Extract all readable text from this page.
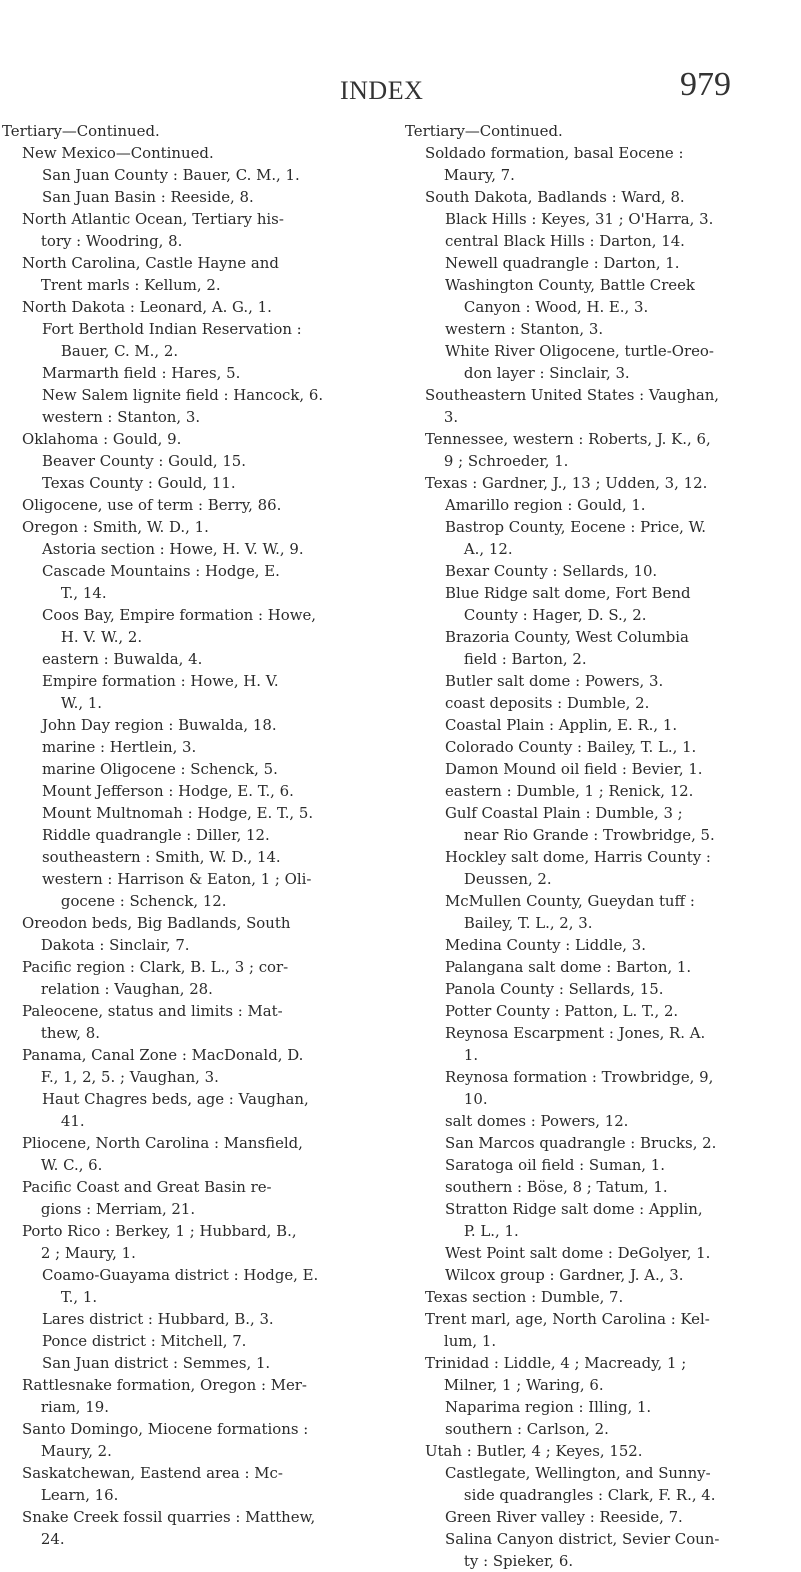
INDEX	979
Tertiary—Continued.
New Mexico—Continued.
San Juan County : Bauer, C. M., 1.
San Juan Basin : Reeside, 8.
North Atlantic Ocean, Tertiary his-
tory : Woodring, 8.
North Carolina, Castle Hayne and
Trent marls : Kellum, 2.
North Dakota : Leonard, A. G., 1.
Fort Berthold Indian Reservation :
Bauer, C. M., 2.
Marmarth field : Hares, 5.
New Salem lignite field : Hancock, 6.
western : Stanton, 3.
Oklahoma : Gould, 9.
Beaver County : Gould, 15.
Texas County : Gould, 11.
Oligocene, use of term : Berry, 86.
Oregon : Smith, W. D., 1.
Astoria section : Howe, H. V. W., 9.
Cascade Mountains : Hodge, E.
T., 14.
Coos Bay, Empire formation : Howe,
H. V. W., 2.
eastern : Buwalda, 4.
Empire formation : Howe, H. V.
W., 1.
John Day region : Buwalda, 18.
marine : Hertlein, 3.
marine Oligocene : Schenck, 5.
Mount Jefferson : Hodge, E. T., 6.
Mount Multnomah : Hodge, E. T., 5.
Riddle quadrangle : Diller, 12.
southeastern : Smith, W. D., 14.
western : Harrison & Eaton, 1 ; Oli-
gocene : Schenck, 12.
Oreodon beds, Big Badlands, South
Dakota : Sinclair, 7.
Pacific region : Clark, B. L., 3 ; cor-
relation : Vaughan, 28.
Paleocene, status and limits : Mat-
thew, 8.
Panama, Canal Zone : MacDonald, D.
F., 1, 2, 5. ; Vaughan, 3.
Haut Chagres beds, age : Vaughan,
41.
Pliocene, North Carolina : Mansfield,
W. C., 6.
Pacific Coast and Great Basin re-
gions : Merriam, 21.
Porto Rico : Berkey, 1 ; Hubbard, B.,
2 ; Maury, 1.
Coamo-Guayama district : Hodge, E.
T., 1.
Lares district : Hubbard, B., 3.
Ponce district : Mitchell, 7.
San Juan district : Semmes, 1.
Rattlesnake formation, Oregon : Mer-
riam, 19.
Santo Domingo, Miocene formations :
Maury, 2.
Saskatchewan, Eastend area : Mc-
Learn, 16.
Snake Creek fossil quarries : Matthew,
24.
Tertiary—Continued.
Soldado formation, basal Eocene :
Maury, 7.
South Dakota, Badlands : Ward, 8.
Black Hills : Keyes, 31 ; O'Harra, 3.
central Black Hills : Darton, 14.
Newell quadrangle : Darton, 1.
Washington County, Battle Creek
Canyon : Wood, H. E., 3.
western : Stanton, 3.
White River Oligocene, turtle-Oreo-
don layer : Sinclair, 3.
Southeastern United States : Vaughan,
3.
Tennessee, western : Roberts, J. K., 6,
9 ; Schroeder, 1.
Texas : Gardner, J., 13 ; Udden, 3, 12.
Amarillo region : Gould, 1.
Bastrop County, Eocene : Price, W.
A., 12.
Bexar County : Sellards, 10.
Blue Ridge salt dome, Fort Bend
County : Hager, D. S., 2.
Brazoria County, West Columbia
field : Barton, 2.
Butler salt dome : Powers, 3.
coast deposits : Dumble, 2.
Coastal Plain : Applin, E. R., 1.
Colorado County : Bailey, T. L., 1.
Damon Mound oil field : Bevier, 1.
eastern : Dumble, 1 ; Renick, 12.
Gulf Coastal Plain : Dumble, 3 ;
near Rio Grande : Trowbridge, 5.
Hockley salt dome, Harris County :
Deussen, 2.
McMullen County, Gueydan tuff :
Bailey, T. L., 2, 3.
Medina County : Liddle, 3.
Palangana salt dome : Barton, 1.
Panola County : Sellards, 15.
Potter County : Patton, L. T., 2.
Reynosa Escarpment : Jones, R. A.
1.
Reynosa formation : Trowbridge, 9,
10.
salt domes : Powers, 12.
San Marcos quadrangle : Brucks, 2.
Saratoga oil field : Suman, 1.
southern : Böse, 8 ; Tatum, 1.
Stratton Ridge salt dome : Applin,
P. L., 1.
West Point salt dome : DeGolyer, 1.
Wilcox group : Gardner, J. A., 3.
Texas section : Dumble, 7.
Trent marl, age, North Carolina : Kel-
lum, 1.
Trinidad : Liddle, 4 ; Macready, 1 ;
Milner, 1 ; Waring, 6.
Naparima region : Illing, 1.
southern : Carlson, 2.
Utah : Butler, 4 ; Keyes, 152.
Castlegate, Wellington, and Sunny-
side quadrangles : Clark, F. R., 4.
Green River valley : Reeside, 7.
Salina Canyon district, Sevier Coun-
ty : Spieker, 6.
